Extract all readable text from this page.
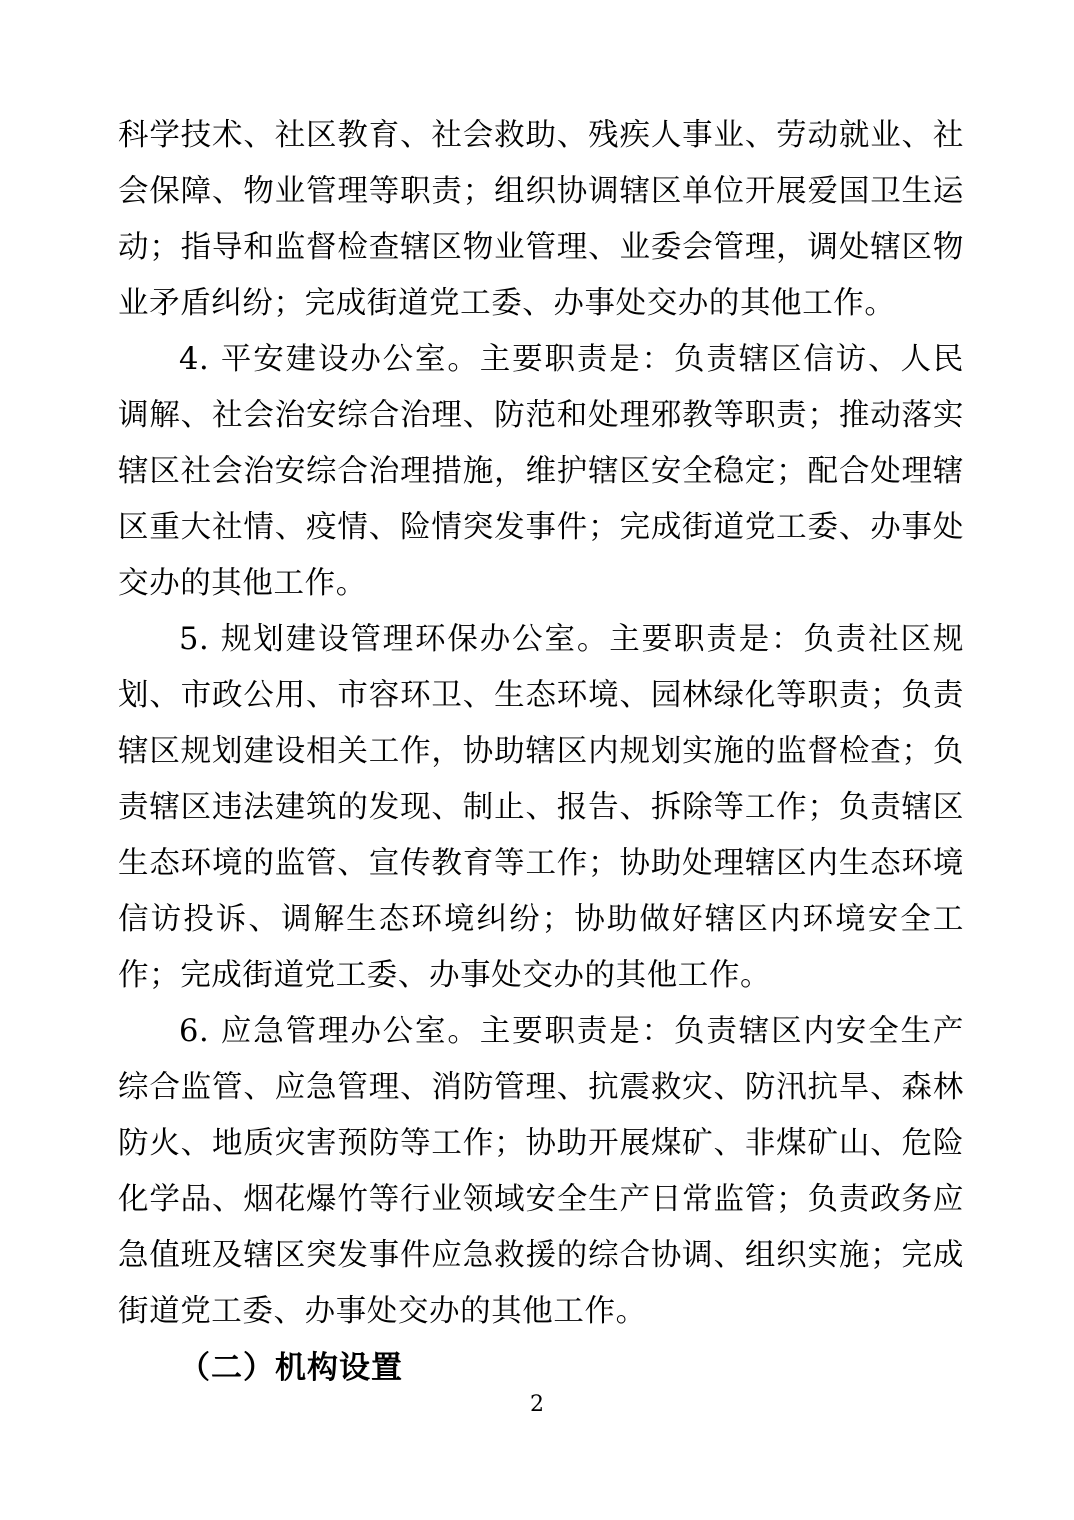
科学技术、社区教育、社会救助、残疾人事业、劳动就业、社会保障、物业管理等职责；组织协调辖区单位开展爱国卫生运动；指导和监督检查辖区物业管理、业委会管理，调处辖区物业矛盾纠纷；完成街道党工委、办事处交办的其他工作。

4. 平安建设办公室。主要职责是：负责辖区信访、人民调解、社会治安综合治理、防范和处理邪教等职责；推动落实辖区社会治安综合治理措施，维护辖区安全稳定；配合处理辖区重大社情、疫情、险情突发事件；完成街道党工委、办事处交办的其他工作。

5. 规划建设管理环保办公室。主要职责是：负责社区规划、市政公用、市容环卫、生态环境、园林绿化等职责；负责辖区规划建设相关工作，协助辖区内规划实施的监督检查；负责辖区违法建筑的发现、制止、报告、拆除等工作；负责辖区生态环境的监管、宣传教育等工作；协助处理辖区内生态环境信访投诉、调解生态环境纠纷；协助做好辖区内环境安全工作；完成街道党工委、办事处交办的其他工作。

6. 应急管理办公室。主要职责是：负责辖区内安全生产综合监管、应急管理、消防管理、抗震救灾、防汛抗旱、森林防火、地质灾害预防等工作；协助开展煤矿、非煤矿山、危险化学品、烟花爆竹等行业领域安全生产日常监管；负责政务应急值班及辖区突发事件应急救援的综合协调、组织实施；完成街道党工委、办事处交办的其他工作。

（二）机构设置

2
